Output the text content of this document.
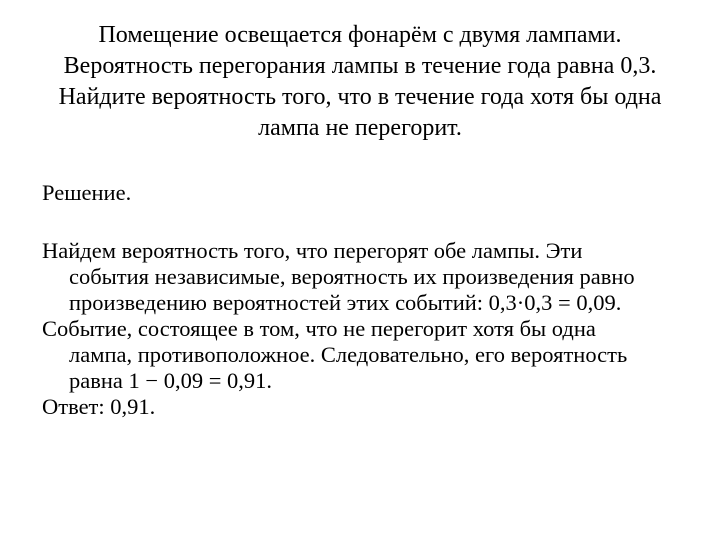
Помещение освещается фонарём с двумя лампами.
Вероятность перегорания лампы в течение года равна 0,3.
Найдите вероятность того, что в течение года хотя бы одна
лампа не перегорит.

Решение.

Найдем вероятность того, что перегорят обе лампы. Эти
события независимые, вероятность их произведения равно
произведению вероятностей этих событий: 0,3·0,3 = 0,09.

Событие, состоящее в том, что не перегорит хотя бы одна
лампа, противоположное. Следовательно, его вероятность
равна 1 − 0,09 = 0,91.

Ответ: 0,91.
